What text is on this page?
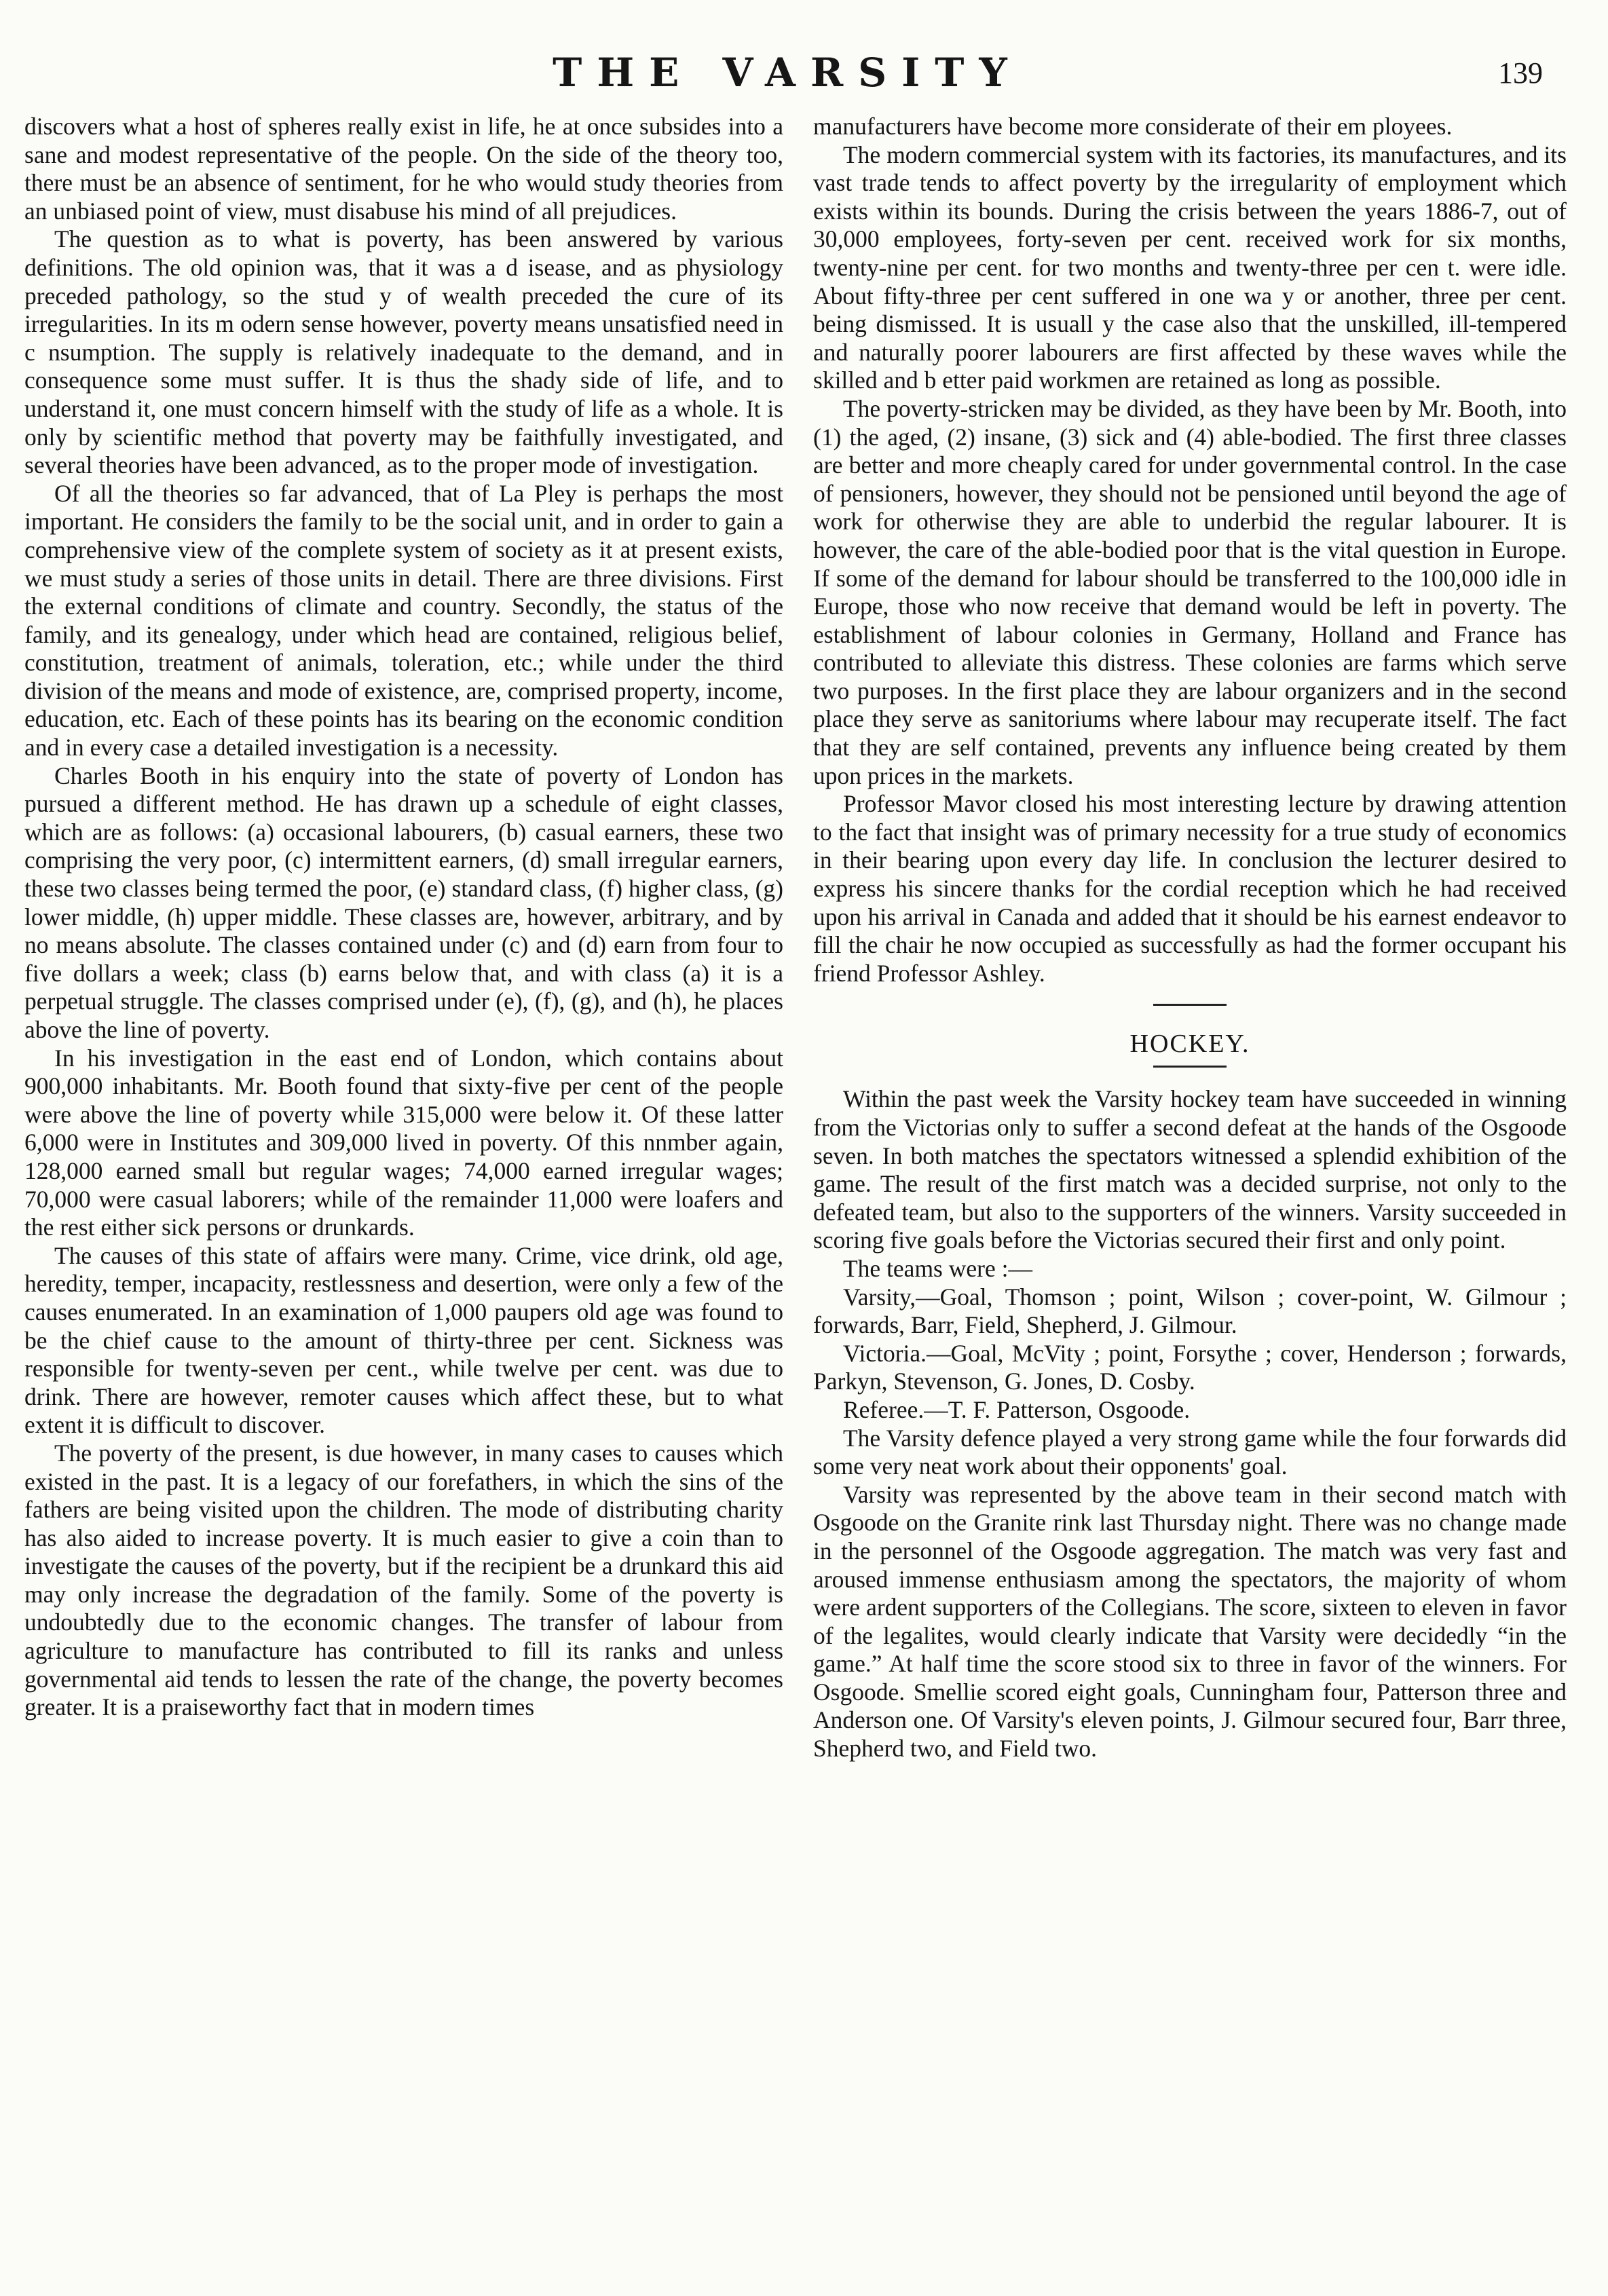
THE VARSITY	139

discovers what a host of spheres really exist in life, he at once subsides into a sane and modest representative of the people. On the side of the theory too, there must be an absence of sentiment, for he who would study theories from an unbiased point of view, must disabuse his mind of all prejudices.

The question as to what is poverty, has been answered by various definitions. The old opinion was, that it was a d isease, and as physiology preceded pathology, so the stud y of wealth preceded the cure of its irregularities. In its m odern sense however, poverty means unsatisfied need in c nsumption. The supply is relatively inadequate to the demand, and in consequence some must suffer. It is thus the shady side of life, and to understand it, one must concern himself with the study of life as a whole. It is only by scientific method that poverty may be faithfully investigated, and several theories have been advanced, as to the proper mode of investigation.

Of all the theories so far advanced, that of La Pley is perhaps the most important. He considers the family to be the social unit, and in order to gain a comprehensive view of the complete system of society as it at present exists, we must study a series of those units in detail. There are three divisions. First the external conditions of climate and country. Secondly, the status of the family, and its genealogy, under which head are contained, religious belief, constitution, treatment of animals, toleration, etc.; while under the third division of the means and mode of existence, are, comprised property, income, education, etc. Each of these points has its bearing on the economic condition and in every case a detailed investigation is a necessity.

Charles Booth in his enquiry into the state of poverty of London has pursued a different method. He has drawn up a schedule of eight classes, which are as follows: (a) occasional labourers, (b) casual earners, these two comprising the very poor, (c) intermittent earners, (d) small irregular earners, these two classes being termed the poor, (e) standard class, (f) higher class, (g) lower middle, (h) upper middle. These classes are, however, arbitrary, and by no means absolute. The classes contained under (c) and (d) earn from four to five dollars a week; class (b) earns below that, and with class (a) it is a perpetual struggle. The classes comprised under (e), (f), (g), and (h), he places above the line of poverty.

In his investigation in the east end of London, which contains about 900,000 inhabitants. Mr. Booth found that sixty-five per cent of the people were above the line of poverty while 315,000 were below it. Of these latter 6,000 were in Institutes and 309,000 lived in poverty. Of this nnmber again, 128,000 earned small but regular wages; 74,000 earned irregular wages; 70,000 were casual laborers; while of the remainder 11,000 were loafers and the rest either sick persons or drunkards.

The causes of this state of affairs were many. Crime, vice drink, old age, heredity, temper, incapacity, restlessness and desertion, were only a few of the causes enumerated. In an examination of 1,000 paupers old age was found to be the chief cause to the amount of thirty-three per cent. Sickness was responsible for twenty-seven per cent., while twelve per cent. was due to drink. There are however, remoter causes which affect these, but to what extent it is difficult to discover.

The poverty of the present, is due however, in many cases to causes which existed in the past. It is a legacy of our forefathers, in which the sins of the fathers are being visited upon the children. The mode of distributing charity has also aided to increase poverty. It is much easier to give a coin than to investigate the causes of the poverty, but if the recipient be a drunkard this aid may only increase the degradation of the family. Some of the poverty is undoubtedly due to the economic changes. The transfer of labour from agriculture to manufacture has contributed to fill its ranks and unless governmental aid tends to lessen the rate of the change, the poverty becomes greater. It is a praiseworthy fact that in modern times

manufacturers have become more considerate of their em ployees.

The modern commercial system with its factories, its manufactures, and its vast trade tends to affect poverty by the irregularity of employment which exists within its bounds. During the crisis between the years 1886-7, out of 30,000 employees, forty-seven per cent. received work for six months, twenty-nine per cent. for two months and twenty-three per cen t. were idle. About fifty-three per cent suffered in one wa y or another, three per cent. being dismissed. It is usuall y the case also that the unskilled, ill-tempered and naturally poorer labourers are first affected by these waves while the skilled and b etter paid workmen are retained as long as possible.

The poverty-stricken may be divided, as they have been by Mr. Booth, into (1) the aged, (2) insane, (3) sick and (4) able-bodied. The first three classes are better and more cheaply cared for under governmental control. In the case of pensioners, however, they should not be pensioned until beyond the age of work for otherwise they are able to underbid the regular labourer. It is however, the care of the able-bodied poor that is the vital question in Europe. If some of the demand for labour should be transferred to the 100,000 idle in Europe, those who now receive that demand would be left in poverty. The establishment of labour colonies in Germany, Holland and France has contributed to alleviate this distress. These colonies are farms which serve two purposes. In the first place they are labour organizers and in the second place they serve as sanitoriums where labour may recuperate itself. The fact that they are self contained, prevents any influence being created by them upon prices in the markets.

Professor Mavor closed his most interesting lecture by drawing attention to the fact that insight was of primary necessity for a true study of economics in their bearing upon every day life. In conclusion the lecturer desired to express his sincere thanks for the cordial reception which he had received upon his arrival in Canada and added that it should be his earnest endeavor to fill the chair he now occupied as successfully as had the former occupant his friend Professor Ashley.

HOCKEY.

Within the past week the Varsity hockey team have succeeded in winning from the Victorias only to suffer a second defeat at the hands of the Osgoode seven. In both matches the spectators witnessed a splendid exhibition of the game. The result of the first match was a decided surprise, not only to the defeated team, but also to the supporters of the winners. Varsity succeeded in scoring five goals before the Victorias secured their first and only point.

The teams were :—

Varsity,—Goal, Thomson ; point, Wilson ; cover-point, W. Gilmour ; forwards, Barr, Field, Shepherd, J. Gilmour.

Victoria.—Goal, McVity ; point, Forsythe ; cover, Henderson ; forwards, Parkyn, Stevenson, G. Jones, D. Cosby.

Referee.—T. F. Patterson, Osgoode.

The Varsity defence played a very strong game while the four forwards did some very neat work about their opponents' goal.

Varsity was represented by the above team in their second match with Osgoode on the Granite rink last Thursday night. There was no change made in the personnel of the Osgoode aggregation. The match was very fast and aroused immense enthusiasm among the spectators, the majority of whom were ardent supporters of the Collegians. The score, sixteen to eleven in favor of the legalites, would clearly indicate that Varsity were decidedly “in the game.” At half time the score stood six to three in favor of the winners. For Osgoode. Smellie scored eight goals, Cunningham four, Patterson three and Anderson one. Of Varsity's eleven points, J. Gilmour secured four, Barr three, Shepherd two, and Field two.
